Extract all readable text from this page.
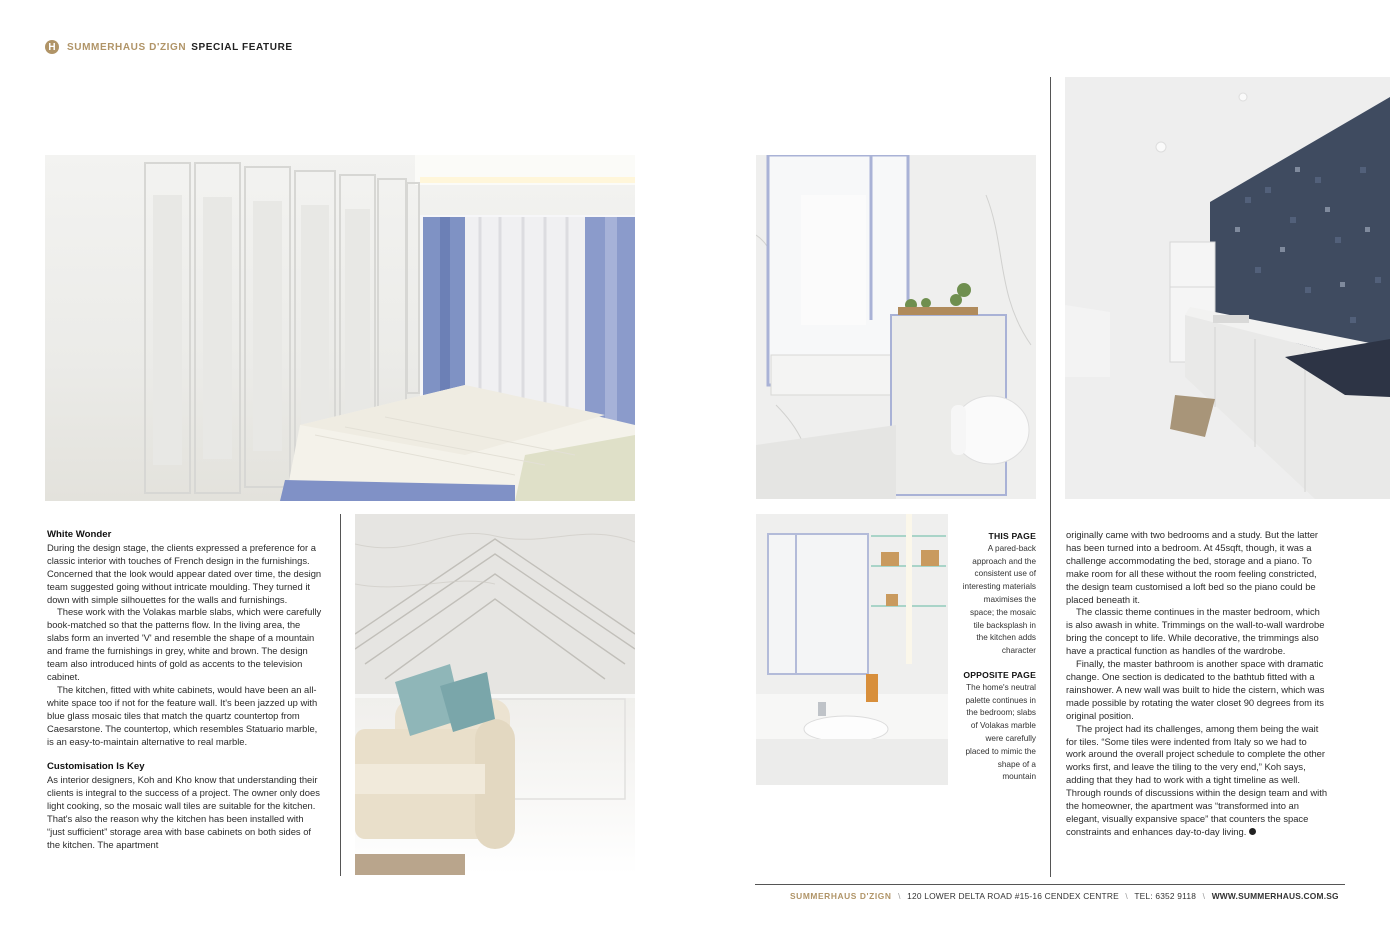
H	SUMMERHAUS D'ZIGN SPECIAL FEATURE
White Wonder

During the design stage, the clients expressed a preference for a classic interior with touches of French design in the furnishings. Concerned that the look would appear dated over time, the design team suggested going without intricate moulding. They turned it down with simple silhouettes for the walls and furnishings.

These work with the Volakas marble slabs, which were carefully book-matched so that the patterns flow. In the living area, the slabs form an inverted 'V' and resemble the shape of a mountain and frame the furnishings in grey, white and brown. The design team also introduced hints of gold as accents to the television cabinet.

The kitchen, fitted with white cabinets, would have been an all-white space too if not for the feature wall. It's been jazzed up with blue glass mosaic tiles that match the quartz countertop from Caesarstone. The countertop, which resembles Statuario marble, is an easy-to-maintain alternative to real marble.

Customisation Is Key

As interior designers, Koh and Kho know that understanding their clients is integral to the success of a project. The owner only does light cooking, so the mosaic wall tiles are suitable for the kitchen. That's also the reason why the kitchen has been installed with “just sufficient” storage area with base cabinets on both sides of the kitchen. The apartment

THIS PAGE

A pared-back approach and the consistent use of interesting materials maximises the space; the mosaic tile backsplash in the kitchen adds character

OPPOSITE PAGE

The home's neutral palette continues in the bedroom; slabs of Volakas marble were carefully placed to mimic the shape of a mountain

originally came with two bedrooms and a study. But the latter has been turned into a bedroom. At 45sqft, though, it was a challenge accommodating the bed, storage and a piano. To make room for all these without the room feeling constricted, the design team customised a loft bed so the piano could be placed beneath it.

The classic theme continues in the master bedroom, which is also awash in white. Trimmings on the wall-to-wall wardrobe bring the concept to life. While decorative, the trimmings also have a practical function as handles of the wardrobe.

Finally, the master bathroom is another space with dramatic change. One section is dedicated to the bathtub fitted with a rainshower. A new wall was built to hide the cistern, which was made possible by rotating the water closet 90 degrees from its original position.

The project had its challenges, among them being the wait for tiles. “Some tiles were indented from Italy so we had to work around the overall project schedule to complete the other works first, and leave the tiling to the very end,” Koh says, adding that they had to work with a tight timeline as well. Through rounds of discussions within the design team and with the homeowner, the apartment was “transformed into an elegant, visually expansive space” that counters the space constraints and enhances day-to-day living.

SUMMERHAUS D'ZIGN \ 120 LOWER DELTA ROAD #15-16 CENDEX CENTRE \ TEL: 6352 9118 \ WWW.SUMMERHAUS.COM.SG
